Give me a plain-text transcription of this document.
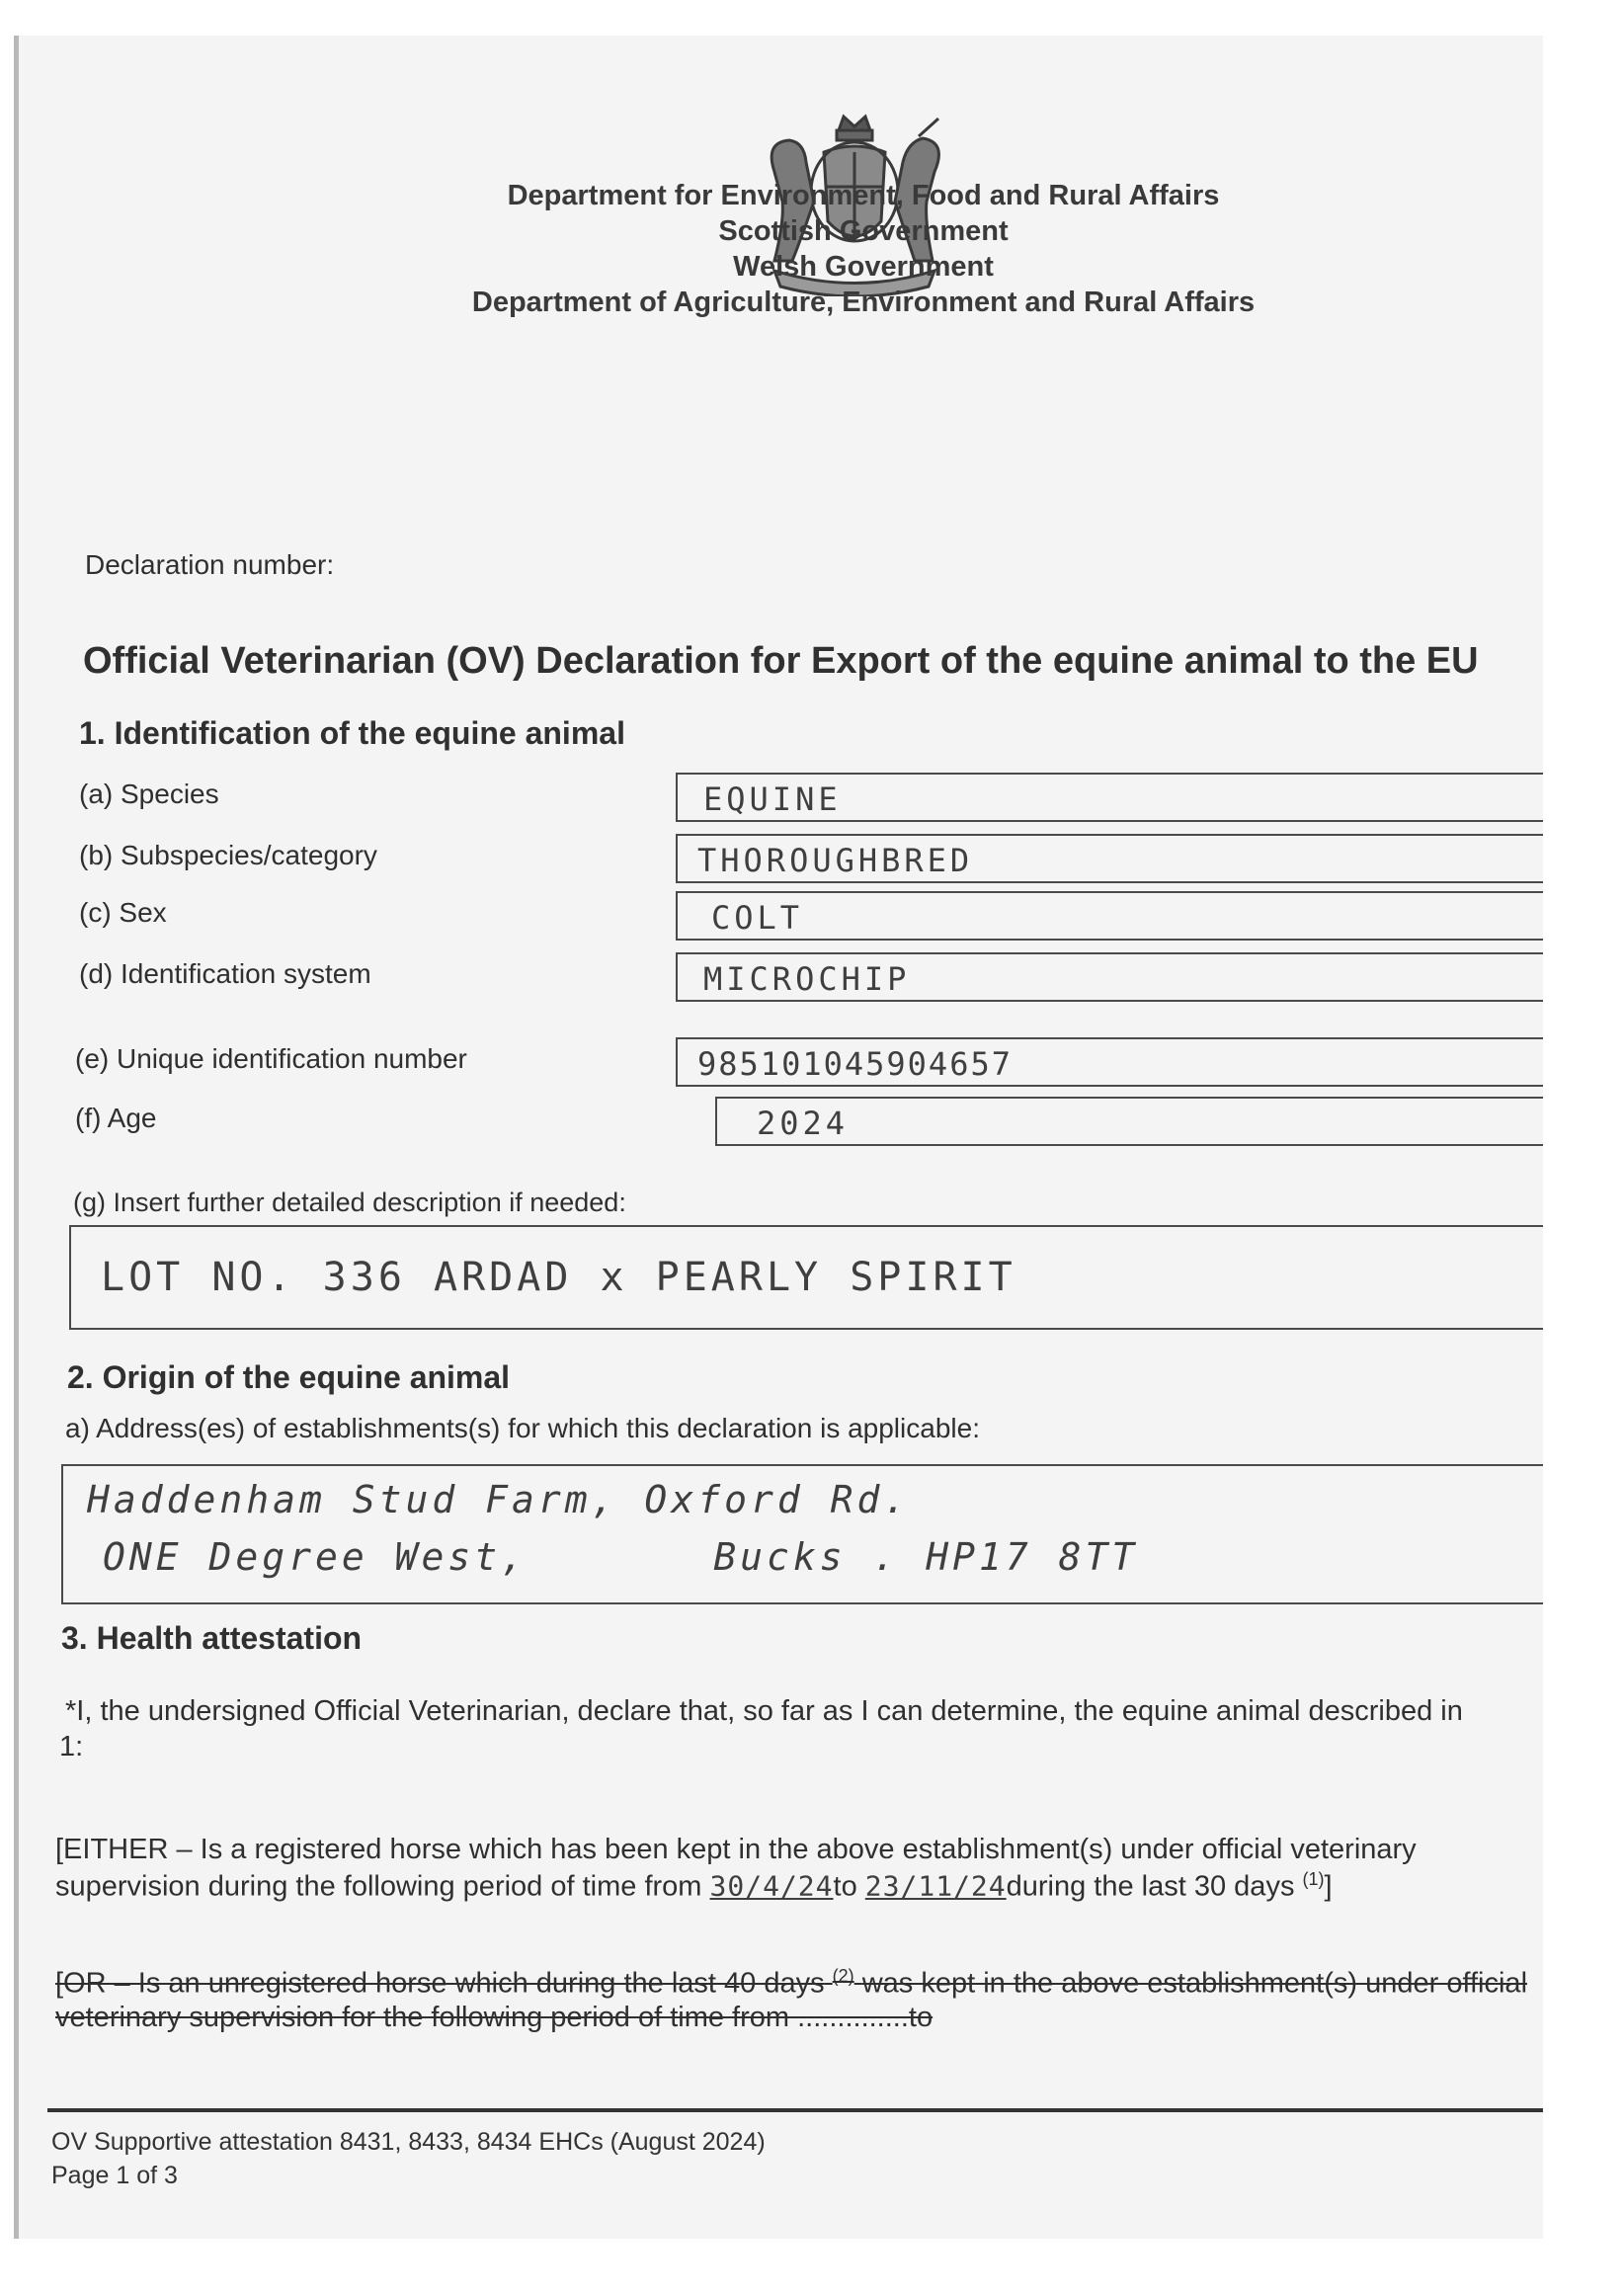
Department for Environment, Food and Rural Affairs
Scottish Government
Welsh Government
Department of Agriculture, Environment and Rural Affairs
Declaration number:
Official Veterinarian (OV) Declaration for Export of the equine animal to the EU
1. Identification of the equine animal
(a) Species	EQUINE
(b) Subspecies/category	THOROUGHBRED
(c) Sex	COLT
(d) Identification system	MICROCHIP
(e) Unique identification number	985101045904657
(f) Age	2024
(g) Insert further detailed description if needed:
LOT NO. 336 ARDAD x PEARLY SPIRIT
2. Origin of the equine animal
a) Address(es) of establishments(s) for which this declaration is applicable:
Haddenham Stud Farm, Oxford Rd.
ONE Degree West,       Bucks . HP17 8TT
3. Health attestation
*I, the undersigned Official Veterinarian, declare that, so far as I can determine, the equine animal described in
1:
[EITHER – Is a registered horse which has been kept in the above establishment(s) under official veterinary
supervision during the following period of time from 30/4/24to 23/11/24during the last 30 days $^{(1)}$]
[OR – Is an unregistered horse which during the last 40 days $^{(2)}$ was kept in the above establishment(s) under official
veterinary supervision for the following period of time from ..............to
OV Supportive attestation 8431, 8433, 8434 EHCs (August 2024)
Page 1 of 3
